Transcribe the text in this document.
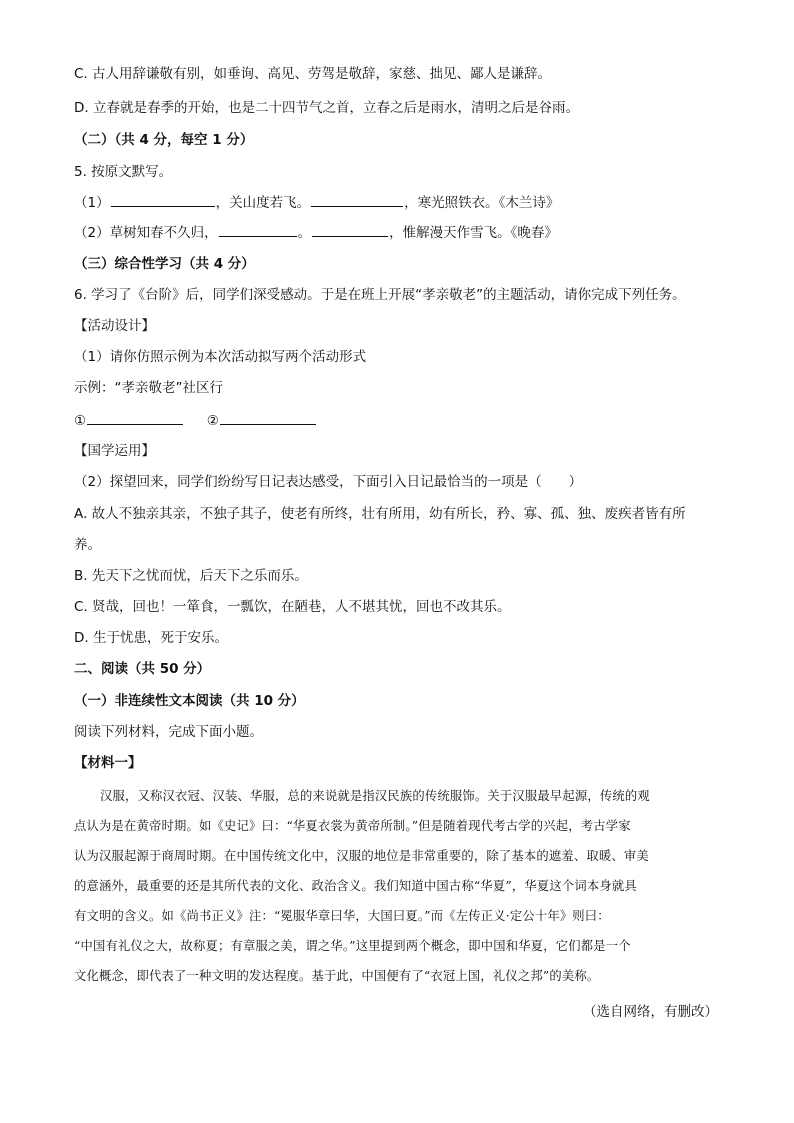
C. 古人用辞谦敬有别，如垂询、高见、劳驾是敬辞，家慈、拙见、鄙人是谦辞。
D. 立春就是春季的开始，也是二十四节气之首，立春之后是雨水，清明之后是谷雨。
（二）（共 4 分，每空 1 分）
5. 按原文默写。
（1）	，关山度若飞。	，寒光照铁衣。《木兰诗》
（2）草树知春不久归，	。	，惟解漫天作雪飞。《晚春》
（三）综合性学习（共 4 分）
6. 学习了《台阶》后，同学们深受感动。于是在班上开展“孝亲敬老”的主题活动，请你完成下列任务。
【活动设计】
（1）请你仿照示例为本次活动拟写两个活动形式
示例：“孝亲敬老”社区行
①	②
【国学运用】
（2）探望回来，同学们纷纷写日记表达感受，下面引入日记最恰当的一项是（　　）
A. 故人不独亲其亲，不独子其子，使老有所终，壮有所用，幼有所长，矜、寡、孤、独、废疾者皆有所
养。
B. 先天下之忧而忧，后天下之乐而乐。
C. 贤哉，回也！一箪食，一瓢饮，在陋巷，人不堪其忧，回也不改其乐。
D. 生于忧患，死于安乐。
二、阅读（共 50 分）
（一）非连续性文本阅读（共 10 分）
阅读下列材料，完成下面小题。
【材料一】
汉服，又称汉衣冠、汉装、华服，总的来说就是指汉民族的传统服饰。关于汉服最早起源，传统的观
点认为是在黄帝时期。如《史记》曰：“华夏衣裳为黄帝所制。”但是随着现代考古学的兴起，考古学家
认为汉服起源于商周时期。在中国传统文化中，汉服的地位是非常重要的，除了基本的遮羞、取暖、审美
的意涵外，最重要的还是其所代表的文化、政治含义。我们知道中国古称“华夏”，华夏这个词本身就具
有文明的含义。如《尚书正义》注：“冕服华章曰华，大国曰夏。”而《左传正义·定公十年》则曰：
“中国有礼仪之大，故称夏；有章服之美，谓之华。”这里提到两个概念，即中国和华夏，它们都是一个
文化概念，即代表了一种文明的发达程度。基于此，中国便有了“衣冠上国，礼仪之邦”的美称。
（选自网络，有删改）
